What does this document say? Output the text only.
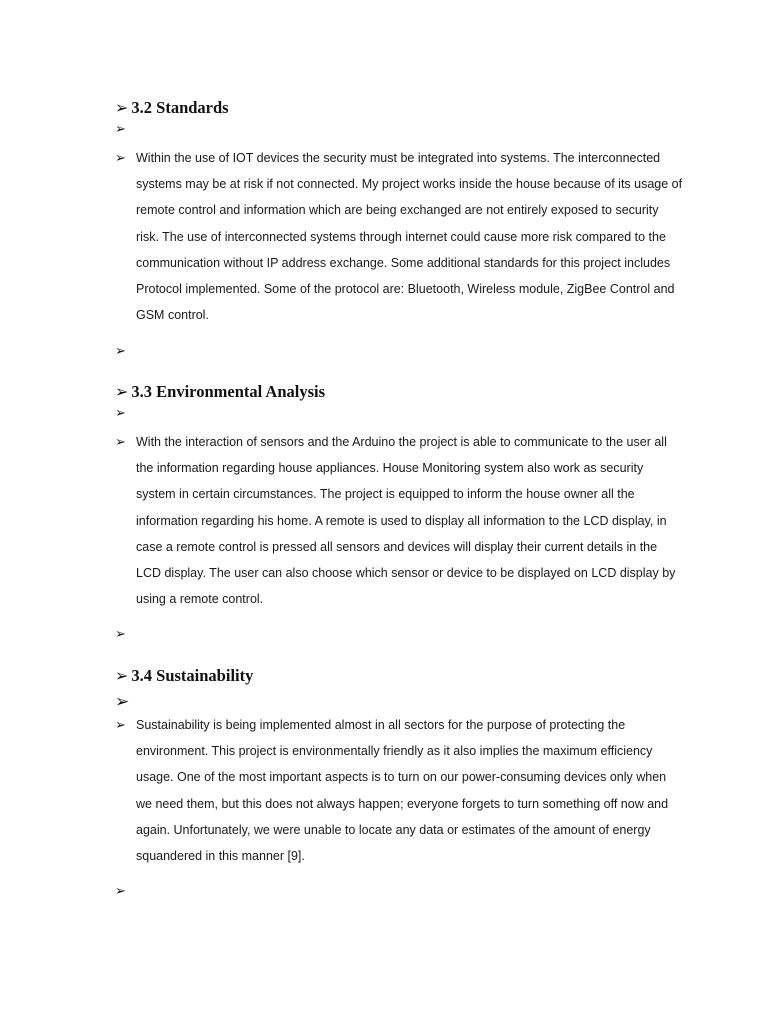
➢ 3.2 Standards
➢
➢ Within the use of IOT devices the security must be integrated into systems. The interconnected systems may be at risk if not connected. My project works inside the house because of its usage of remote control and information which are being exchanged are not entirely exposed to security risk. The use of interconnected systems through internet could cause more risk compared to the communication without IP address exchange. Some additional standards for this project includes Protocol implemented. Some of the protocol are: Bluetooth, Wireless module, ZigBee Control and GSM control.

➢
➢ 3.3 Environmental Analysis
➢
➢ With the interaction of sensors and the Arduino the project is able to communicate to the user all the information regarding house appliances. House Monitoring system also work as security system in certain circumstances. The project is equipped to inform the house owner all the information regarding his home. A remote is used to display all information to the LCD display, in case a remote control is pressed all sensors and devices will display their current details in the LCD display. The user can also choose which sensor or device to be displayed on LCD display by using a remote control.

➢
➢ 3.4 Sustainability
➢
➢ Sustainability is being implemented almost in all sectors for the purpose of protecting the environment. This project is environmentally friendly as it also implies the maximum efficiency usage. One of the most important aspects is to turn on our power-consuming devices only when we need them, but this does not always happen; everyone forgets to turn something off now and again. Unfortunately, we were unable to locate any data or estimates of the amount of energy squandered in this manner [9].

➢
